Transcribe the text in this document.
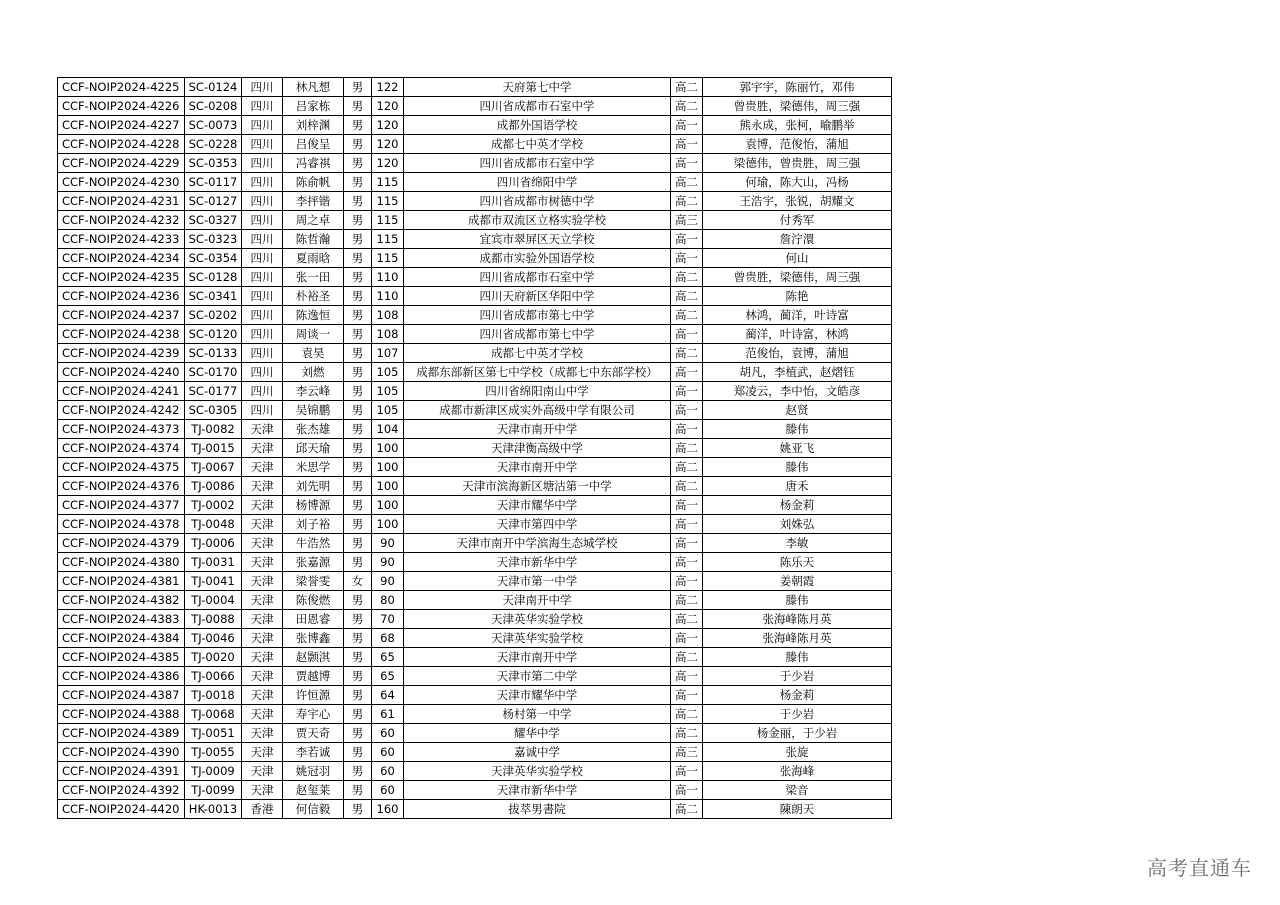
CCF-NOIP2024-4225	SC-0124	四川	林凡想	男	122	天府第七中学	高二	郭宇宇，陈丽竹，邓伟
CCF-NOIP2024-4226	SC-0208	四川	吕家栋	男	120	四川省成都市石室中学	高二	曾贵胜，梁德伟，周三强
CCF-NOIP2024-4227	SC-0073	四川	刘梓渊	男	120	成都外国语学校	高一	熊永成，张柯，喻鹏举
CCF-NOIP2024-4228	SC-0228	四川	吕俊呈	男	120	成都七中英才学校	高一	袁博，范俊怡，蒲旭
CCF-NOIP2024-4229	SC-0353	四川	冯睿祺	男	120	四川省成都市石室中学	高一	梁德伟，曾贵胜，周三强
CCF-NOIP2024-4230	SC-0117	四川	陈俞帆	男	115	四川省绵阳中学	高二	何瑜，陈大山，冯杨
CCF-NOIP2024-4231	SC-0127	四川	李抨锴	男	115	四川省成都市树德中学	高二	王浩宇，张锐，胡耀文
CCF-NOIP2024-4232	SC-0327	四川	周之卓	男	115	成都市双流区立格实验学校	高三	付秀军
CCF-NOIP2024-4233	SC-0323	四川	陈哲瀚	男	115	宜宾市翠屏区天立学校	高一	詹泞澴
CCF-NOIP2024-4234	SC-0354	四川	夏雨晗	男	115	成都市实验外国语学校	高一	何山
CCF-NOIP2024-4235	SC-0128	四川	张一田	男	110	四川省成都市石室中学	高二	曾贵胜，梁德伟，周三强
CCF-NOIP2024-4236	SC-0341	四川	朴裕圣	男	110	四川天府新区华阳中学	高二	陈艳
CCF-NOIP2024-4237	SC-0202	四川	陈逸恒	男	108	四川省成都市第七中学	高二	林鸿，蔺洋，叶诗富
CCF-NOIP2024-4238	SC-0120	四川	周谈一	男	108	四川省成都市第七中学	高一	蔺洋，叶诗富，林鸿
CCF-NOIP2024-4239	SC-0133	四川	袁昊	男	107	成都七中英才学校	高二	范俊怡，袁博，蒲旭
CCF-NOIP2024-4240	SC-0170	四川	刘燃	男	105	成都东部新区第七中学校（成都七中东部学校）	高一	胡凡，李植武，赵熠钰
CCF-NOIP2024-4241	SC-0177	四川	李云峰	男	105	四川省绵阳南山中学	高一	郑凌云，李中怡，文皓彦
CCF-NOIP2024-4242	SC-0305	四川	吴锦鹏	男	105	成都市新津区成实外高级中学有限公司	高一	赵贤
CCF-NOIP2024-4373	TJ-0082	天津	张杰雄	男	104	天津市南开中学	高一	滕伟
CCF-NOIP2024-4374	TJ-0015	天津	邱天瑜	男	100	天津津衡高级中学	高二	姚亚飞
CCF-NOIP2024-4375	TJ-0067	天津	米思学	男	100	天津市南开中学	高二	滕伟
CCF-NOIP2024-4376	TJ-0086	天津	刘先明	男	100	天津市滨海新区塘沽第一中学	高二	唐禾
CCF-NOIP2024-4377	TJ-0002	天津	杨博源	男	100	天津市耀华中学	高一	杨金莉
CCF-NOIP2024-4378	TJ-0048	天津	刘子裕	男	100	天津市第四中学	高一	刘姝弘
CCF-NOIP2024-4379	TJ-0006	天津	牛浩然	男	90	天津市南开中学滨海生态城学校	高一	李敏
CCF-NOIP2024-4380	TJ-0031	天津	张嘉源	男	90	天津市新华中学	高一	陈乐天
CCF-NOIP2024-4381	TJ-0041	天津	梁誉雯	女	90	天津市第一中学	高一	姜朝霞
CCF-NOIP2024-4382	TJ-0004	天津	陈俊燃	男	80	天津南开中学	高二	滕伟
CCF-NOIP2024-4383	TJ-0088	天津	田恩睿	男	70	天津英华实验学校	高二	张海峰陈月英
CCF-NOIP2024-4384	TJ-0046	天津	张博鑫	男	68	天津英华实验学校	高一	张海峰陈月英
CCF-NOIP2024-4385	TJ-0020	天津	赵颢淇	男	65	天津市南开中学	高二	滕伟
CCF-NOIP2024-4386	TJ-0066	天津	贾越博	男	65	天津市第二中学	高一	于少岩
CCF-NOIP2024-4387	TJ-0018	天津	许恒源	男	64	天津市耀华中学	高一	杨金莉
CCF-NOIP2024-4388	TJ-0068	天津	寿宇心	男	61	杨村第一中学	高二	于少岩
CCF-NOIP2024-4389	TJ-0051	天津	贾天奇	男	60	耀华中学	高二	杨金丽，于少岩
CCF-NOIP2024-4390	TJ-0055	天津	李若诚	男	60	嘉诚中学	高三	张旋
CCF-NOIP2024-4391	TJ-0009	天津	姚冠羽	男	60	天津英华实验学校	高一	张海峰
CCF-NOIP2024-4392	TJ-0099	天津	赵玺莱	男	60	天津市新华中学	高一	梁音
CCF-NOIP2024-4420	HK-0013	香港	何信毅	男	160	拔萃男書院	高二	陳朗天
高考直通车
